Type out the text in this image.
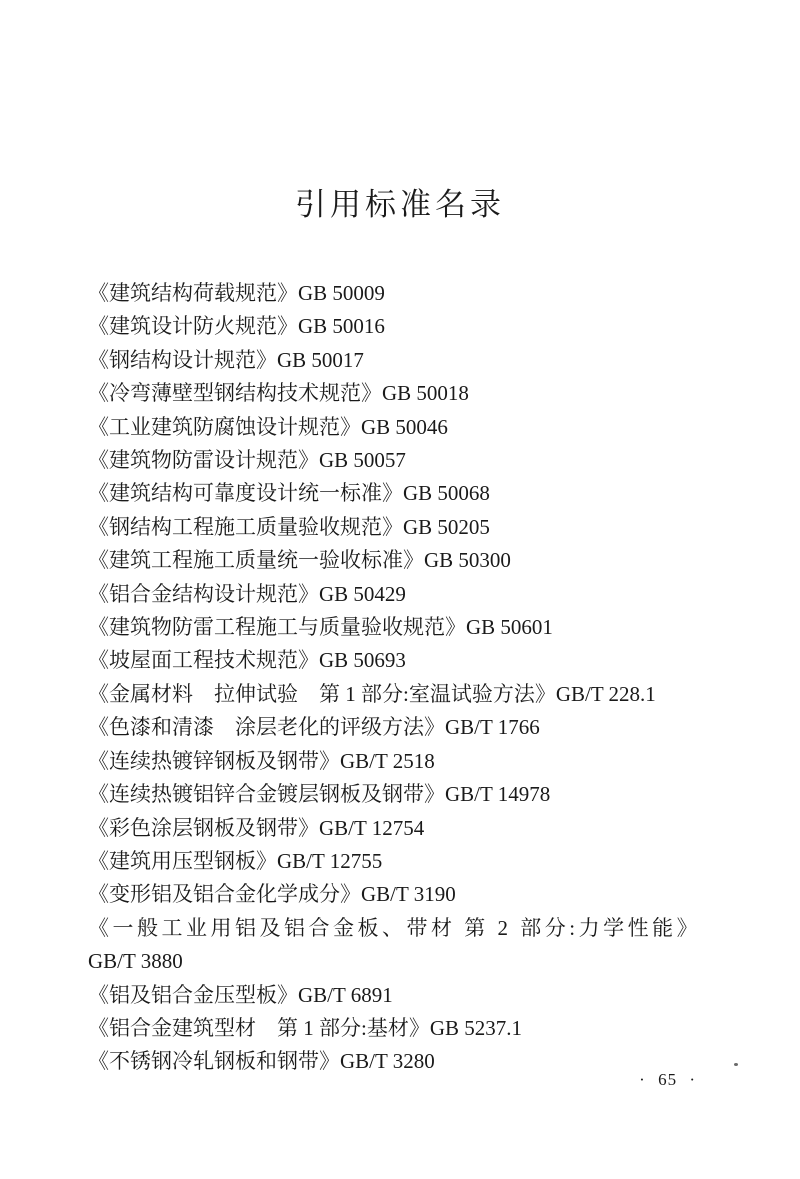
引用标准名录
《建筑结构荷载规范》GB 50009
《建筑设计防火规范》GB 50016
《钢结构设计规范》GB 50017
《冷弯薄壁型钢结构技术规范》GB 50018
《工业建筑防腐蚀设计规范》GB 50046
《建筑物防雷设计规范》GB 50057
《建筑结构可靠度设计统一标准》GB 50068
《钢结构工程施工质量验收规范》GB 50205
《建筑工程施工质量统一验收标准》GB 50300
《铝合金结构设计规范》GB 50429
《建筑物防雷工程施工与质量验收规范》GB 50601
《坡屋面工程技术规范》GB 50693
《金属材料　拉伸试验　第 1 部分:室温试验方法》GB/T 228.1
《色漆和清漆　涂层老化的评级方法》GB/T 1766
《连续热镀锌钢板及钢带》GB/T 2518
《连续热镀铝锌合金镀层钢板及钢带》GB/T 14978
《彩色涂层钢板及钢带》GB/T 12754
《建筑用压型钢板》GB/T 12755
《变形铝及铝合金化学成分》GB/T 3190
《一般工业用铝及铝合金板、带材 第 2 部分:力学性能》
GB/T 3880
《铝及铝合金压型板》GB/T 6891
《铝合金建筑型材　第 1 部分:基材》GB 5237.1
《不锈钢冷轧钢板和钢带》GB/T 3280
· 65 ·
